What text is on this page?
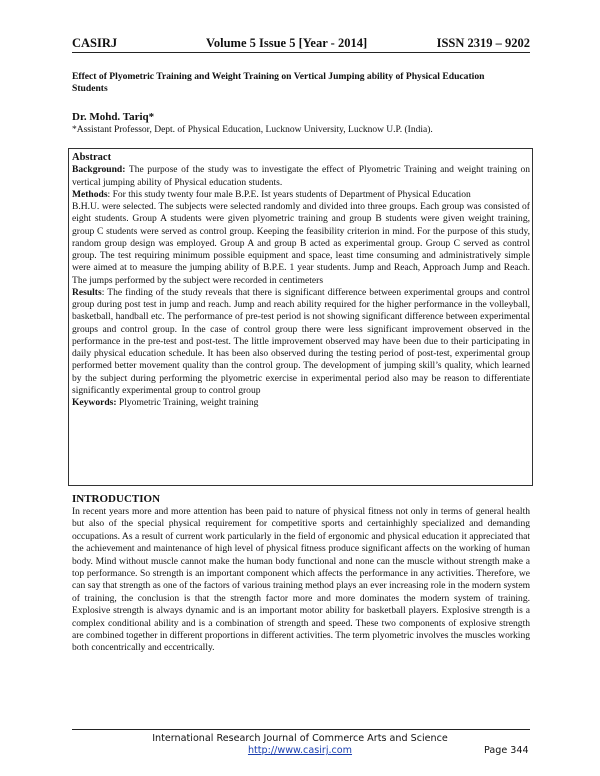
CASIRJ	Volume 5 Issue 5 [Year - 2014]	ISSN 2319 – 9202
Effect of Plyometric Training and Weight Training on Vertical Jumping ability of Physical Education Students
Dr. Mohd. Tariq*
*Assistant Professor, Dept. of Physical Education, Lucknow University, Lucknow U.P. (India).

Abstract

Background: The purpose of the study was to investigate the effect of Plyometric Training and weight training on vertical jumping ability of Physical education students.

Methods: For this study twenty four male B.P.E. Ist years students of Department of Physical Education

B.H.U. were selected. The subjects were selected randomly and divided into three groups. Each group was consisted of eight students. Group A students were given plyometric training and group B students were given weight training, group C students were served as control group. Keeping the feasibility criterion in mind. For the purpose of this study, random group design was employed. Group A and group B acted as experimental group. Group C served as control group. The test requiring minimum possible equipment and space, least time consuming and administratively simple were aimed at to measure the jumping ability of B.P.E. 1 year students. Jump and Reach, Approach Jump and Reach. The jumps performed by the subject were recorded in centimeters

Results: The finding of the study reveals that there is significant difference between experimental groups and control group during post test in jump and reach. Jump and reach ability required for the higher performance in the volleyball, basketball, handball etc. The performance of pre-test period is not showing significant difference between experimental groups and control group. In the case of control group there were less significant improvement observed in the performance in the pre-test and post-test. The little improvement observed may have been due to their participating in daily physical education schedule. It has been also observed during the testing period of post-test, experimental group performed better movement quality than the control group. The development of jumping skill’s quality, which learned by the subject during performing the plyometric exercise in experimental period also may be reason to differentiate significantly experimental group to control group

Keywords: Plyometric Training, weight training

INTRODUCTION

In recent years more and more attention has been paid to nature of physical fitness not only in terms of general health but also of the special physical requirement for competitive sports and certainhighly specialized and demanding occupations. As a result of current work particularly in the field of ergonomic and physical education it appreciated that the achievement and maintenance of high level of physical fitness produce significant affects on the working of human body. Mind without muscle cannot make the human body functional and none can the muscle without strength make a top performance. So strength is an important component which affects the performance in any activities. Therefore, we can say that strength as one of the factors of various training method plays an ever increasing role in the modern system of training, the conclusion is that the strength factor more and more dominates the modern system of training. Explosive strength is always dynamic and is an important motor ability for basketball players. Explosive strength is a complex conditional ability and is a combination of strength and speed. These two components of explosive strength are combined together in different proportions in different activities. The term plyometric involves the muscles working both concentrically and eccentrically.

International Research Journal of Commerce Arts and Science
http://www.casirj.com	Page 344
